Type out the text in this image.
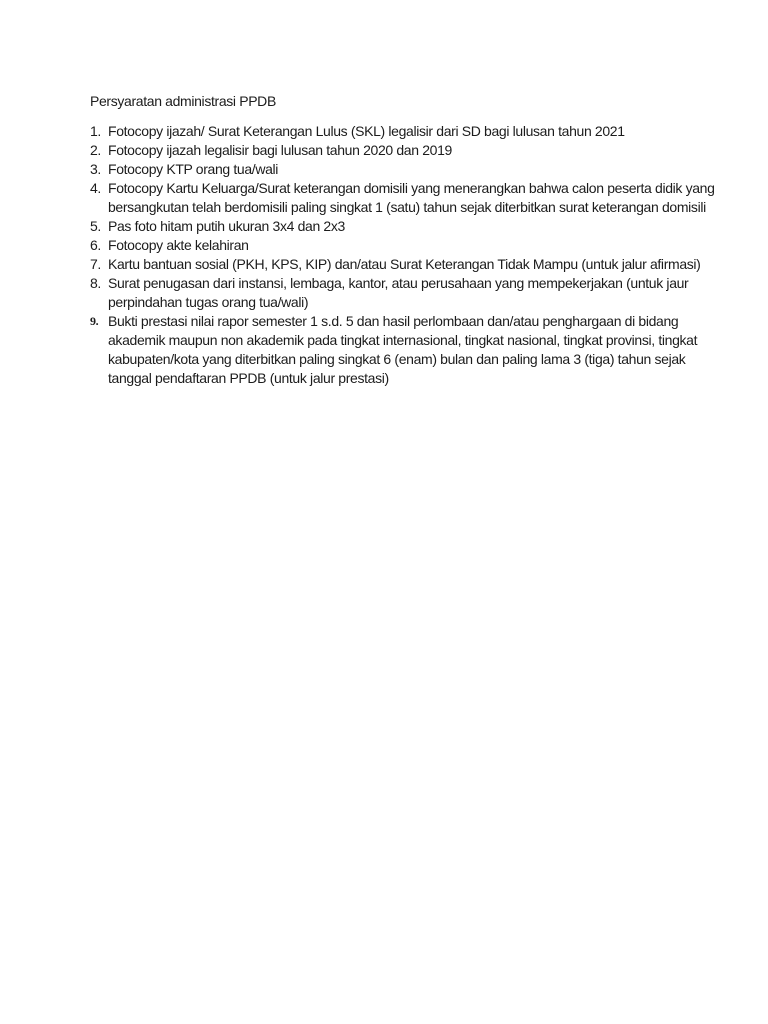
Persyaratan administrasi PPDB
1. Fotocopy ijazah/ Surat Keterangan Lulus (SKL) legalisir dari SD bagi lulusan tahun 2021
2. Fotocopy ijazah legalisir bagi lulusan tahun 2020 dan 2019
3. Fotocopy KTP orang tua/wali
4. Fotocopy Kartu Keluarga/Surat keterangan domisili yang menerangkan bahwa calon peserta didik yang
bersangkutan telah berdomisili paling singkat 1 (satu) tahun sejak diterbitkan surat keterangan domisili
5. Pas foto hitam putih ukuran 3x4 dan 2x3
6. Fotocopy akte kelahiran
7. Kartu bantuan sosial (PKH, KPS, KIP) dan/atau Surat Keterangan Tidak Mampu (untuk jalur afirmasi)
8. Surat penugasan dari instansi, lembaga, kantor, atau perusahaan yang mempekerjakan (untuk jaur
perpindahan tugas orang tua/wali)
9. Bukti prestasi nilai rapor semester 1 s.d. 5 dan hasil perlombaan dan/atau penghargaan di bidang
akademik maupun non akademik pada tingkat internasional, tingkat nasional, tingkat provinsi, tingkat
kabupaten/kota yang diterbitkan paling singkat 6 (enam) bulan dan paling lama 3 (tiga) tahun sejak
tanggal pendaftaran PPDB (untuk jalur prestasi)
